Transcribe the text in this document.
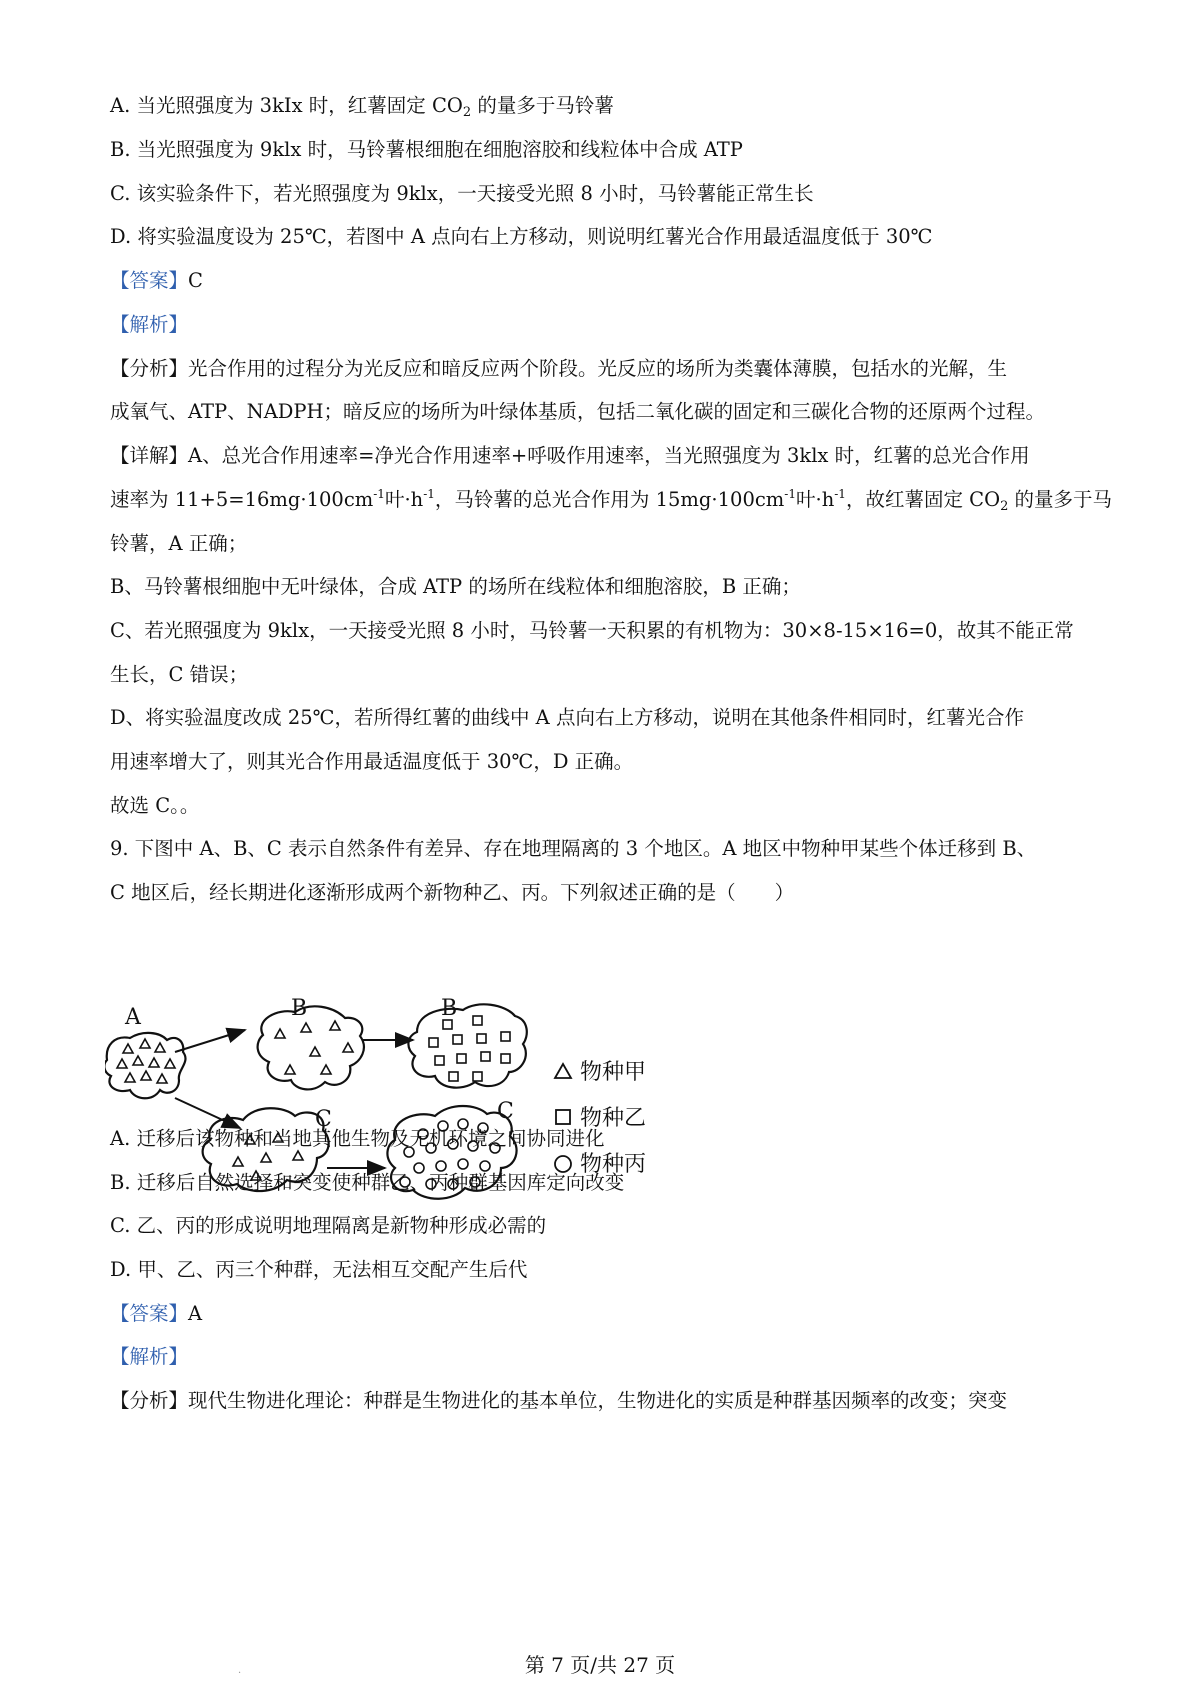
A. 当光照强度为 3kIx 时，红薯固定 $CO_2$ 的量多于马铃薯
B. 当光照强度为 9klx 时，马铃薯根细胞在细胞溶胶和线粒体中合成 ATP
C. 该实验条件下，若光照强度为 9klx，一天接受光照 8 小时，马铃薯能正常生长
D. 将实验温度设为 25℃，若图中 A 点向右上方移动，则说明红薯光合作用最适温度低于 30℃
【答案】C
【解析】
【分析】光合作用的过程分为光反应和暗反应两个阶段。光反应的场所为类囊体薄膜，包括水的光解，生
成氧气、ATP、NADPH；暗反应的场所为叶绿体基质，包括二氧化碳的固定和三碳化合物的还原两个过程。
【详解】A、总光合作用速率=净光合作用速率+呼吸作用速率，当光照强度为 3klx 时，红薯的总光合作用
速率为 $11+5=16mg\cdot 100cm^{-1}$叶$\cdot h^{-1}$，马铃薯的总光合作用为 $15mg\cdot 100cm^{-1}$叶$\cdot h^{-1}$，故红薯固定 $CO_2$ 的量多于马
铃薯，A 正确；
B、马铃薯根细胞中无叶绿体，合成 ATP 的场所在线粒体和细胞溶胶，B 正确；
C、若光照强度为 9klx，一天接受光照 8 小时，马铃薯一天积累的有机物为：30×8-15×16=0，故其不能正常
生长，C 错误；
D、将实验温度改成 25℃，若所得红薯的曲线中 A 点向右上方移动，说明在其他条件相同时，红薯光合作
用速率增大了，则其光合作用最适温度低于 30℃，D 正确。
故选 C。。
9. 下图中 A、B、C 表示自然条件有差异、存在地理隔离的 3 个地区。A 地区中物种甲某些个体迁移到 B、
C 地区后，经长期进化逐渐形成两个新物种乙、丙。下列叙述正确的是（　　）
A	B	B
C	C
物种甲
物种乙
物种丙
A. 迁移后该物种和当地其他生物及无机环境之间协同进化
B. 迁移后自然选择和突变使种群乙、丙种群基因库定向改变
C. 乙、丙的形成说明地理隔离是新物种形成必需的
D. 甲、乙、丙三个种群，无法相互交配产生后代
【答案】A
【解析】
【分析】现代生物进化理论：种群是生物进化的基本单位，生物进化的实质是种群基因频率的改变；突变
·	第 7 页/共 27 页
